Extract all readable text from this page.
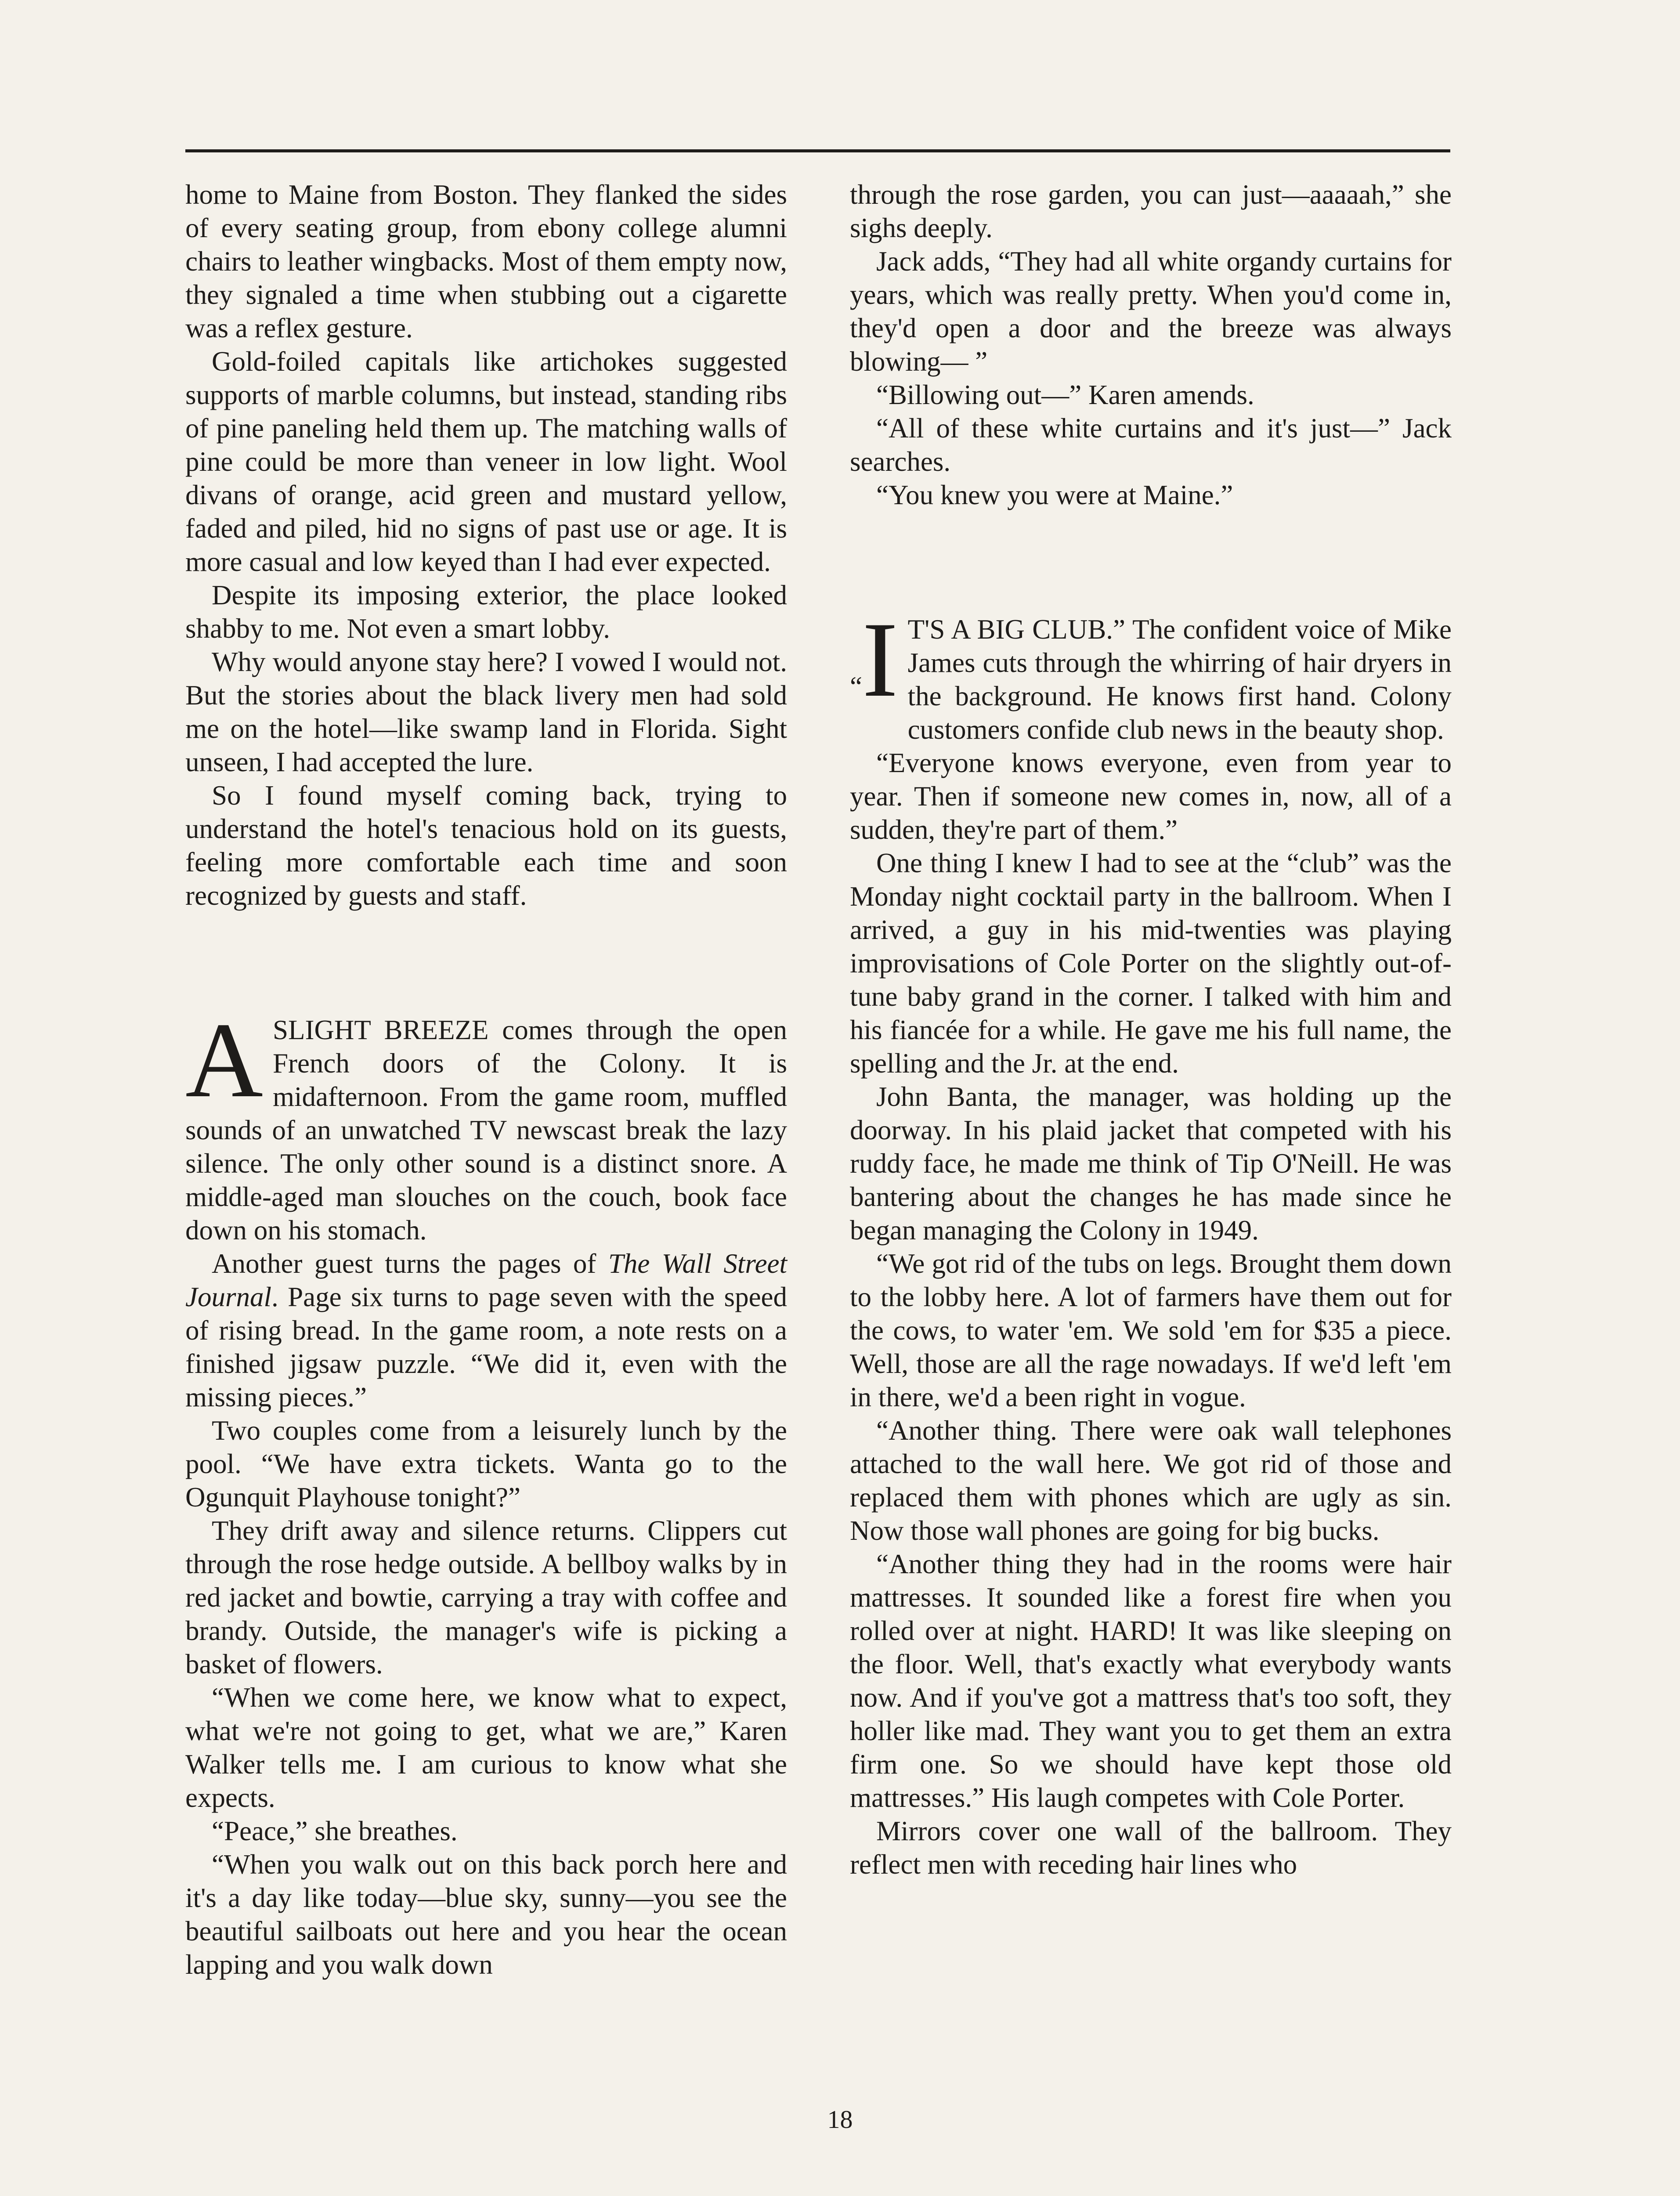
home to Maine from Boston. They flanked the sides of every seating group, from ebony college alumni chairs to leather wingbacks. Most of them empty now, they signaled a time when stubbing out a cigarette was a reflex gesture.

Gold-foiled capitals like artichokes suggested supports of marble columns, but instead, standing ribs of pine paneling held them up. The matching walls of pine could be more than veneer in low light. Wool divans of orange, acid green and mustard yellow, faded and piled, hid no signs of past use or age. It is more casual and low keyed than I had ever expected.

Despite its imposing exterior, the place looked shabby to me. Not even a smart lobby.

Why would anyone stay here? I vowed I would not. But the stories about the black livery men had sold me on the hotel—like swamp land in Florida. Sight unseen, I had accepted the lure.

So I found myself coming back, trying to understand the hotel's tenacious hold on its guests, feeling more comfortable each time and soon recognized by guests and staff.

ASLIGHT BREEZE comes through the open French doors of the Colony. It is midafternoon. From the game room, muffled sounds of an unwatched TV newscast break the lazy silence. The only other sound is a distinct snore. A middle-aged man slouches on the couch, book face down on his stomach.

Another guest turns the pages of The Wall Street Journal. Page six turns to page seven with the speed of rising bread. In the game room, a note rests on a finished jigsaw puzzle. “We did it, even with the missing pieces.”

Two couples come from a leisurely lunch by the pool. “We have extra tickets. Wanta go to the Ogunquit Playhouse tonight?”

They drift away and silence returns. Clippers cut through the rose hedge outside. A bellboy walks by in red jacket and bowtie, carrying a tray with coffee and brandy. Outside, the manager's wife is picking a basket of flowers.

“When we come here, we know what to expect, what we're not going to get, what we are,” Karen Walker tells me. I am curious to know what she expects.

“Peace,” she breathes.

“When you walk out on this back porch here and it's a day like today—blue sky, sunny—you see the beautiful sailboats out here and you hear the ocean lapping and you walk down

through the rose garden, you can just—aaaaah,” she sighs deeply.

Jack adds, “They had all white organdy curtains for years, which was really pretty. When you'd come in, they'd open a door and the breeze was always blowing— ”

“Billowing out—” Karen amends.

“All of these white curtains and it's just—” Jack searches.

“You knew you were at Maine.”

“I T'S A BIG CLUB.” The confident voice of Mike James cuts through the whirring of hair dryers in the background. He knows first hand. Colony customers confide club news in the beauty shop.

“Everyone knows everyone, even from year to year. Then if someone new comes in, now, all of a sudden, they're part of them.”

One thing I knew I had to see at the “club” was the Monday night cocktail party in the ballroom. When I arrived, a guy in his mid-twenties was playing improvisations of Cole Porter on the slightly out-of-tune baby grand in the corner. I talked with him and his fiancée for a while. He gave me his full name, the spelling and the Jr. at the end.

John Banta, the manager, was holding up the doorway. In his plaid jacket that competed with his ruddy face, he made me think of Tip O'Neill. He was bantering about the changes he has made since he began managing the Colony in 1949.

“We got rid of the tubs on legs. Brought them down to the lobby here. A lot of farmers have them out for the cows, to water 'em. We sold 'em for $35 a piece. Well, those are all the rage nowadays. If we'd left 'em in there, we'd a been right in vogue.

“Another thing. There were oak wall telephones attached to the wall here. We got rid of those and replaced them with phones which are ugly as sin. Now those wall phones are going for big bucks.

“Another thing they had in the rooms were hair mattresses. It sounded like a forest fire when you rolled over at night. HARD! It was like sleeping on the floor. Well, that's exactly what everybody wants now. And if you've got a mattress that's too soft, they holler like mad. They want you to get them an extra firm one. So we should have kept those old mattresses.” His laugh competes with Cole Porter.

Mirrors cover one wall of the ballroom. They reflect men with receding hair lines who

18
